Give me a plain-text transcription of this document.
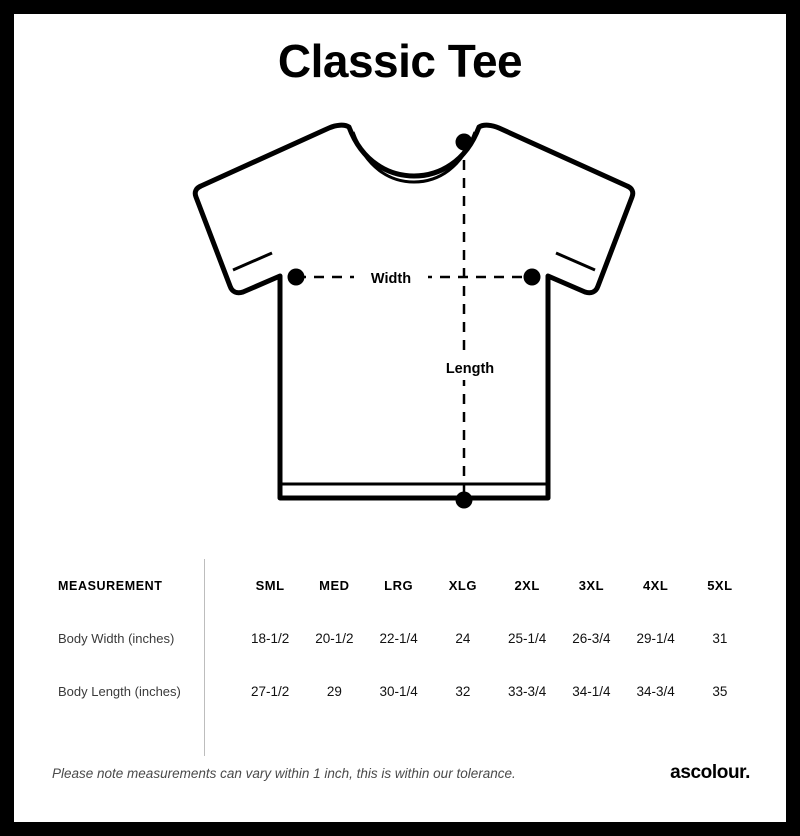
Classic Tee
Width
Length
MEASUREMENT	SML	MED	LRG	XLG	2XL	3XL	4XL	5XL
Body Width (inches)	18-1/2	20-1/2	22-1/4	24	25-1/4	26-3/4	29-1/4	31
Body Length (inches)	27-1/2	29	30-1/4	32	33-3/4	34-1/4	34-3/4	35
Please note measurements can vary within 1 inch, this is within our tolerance.	ascolour.
